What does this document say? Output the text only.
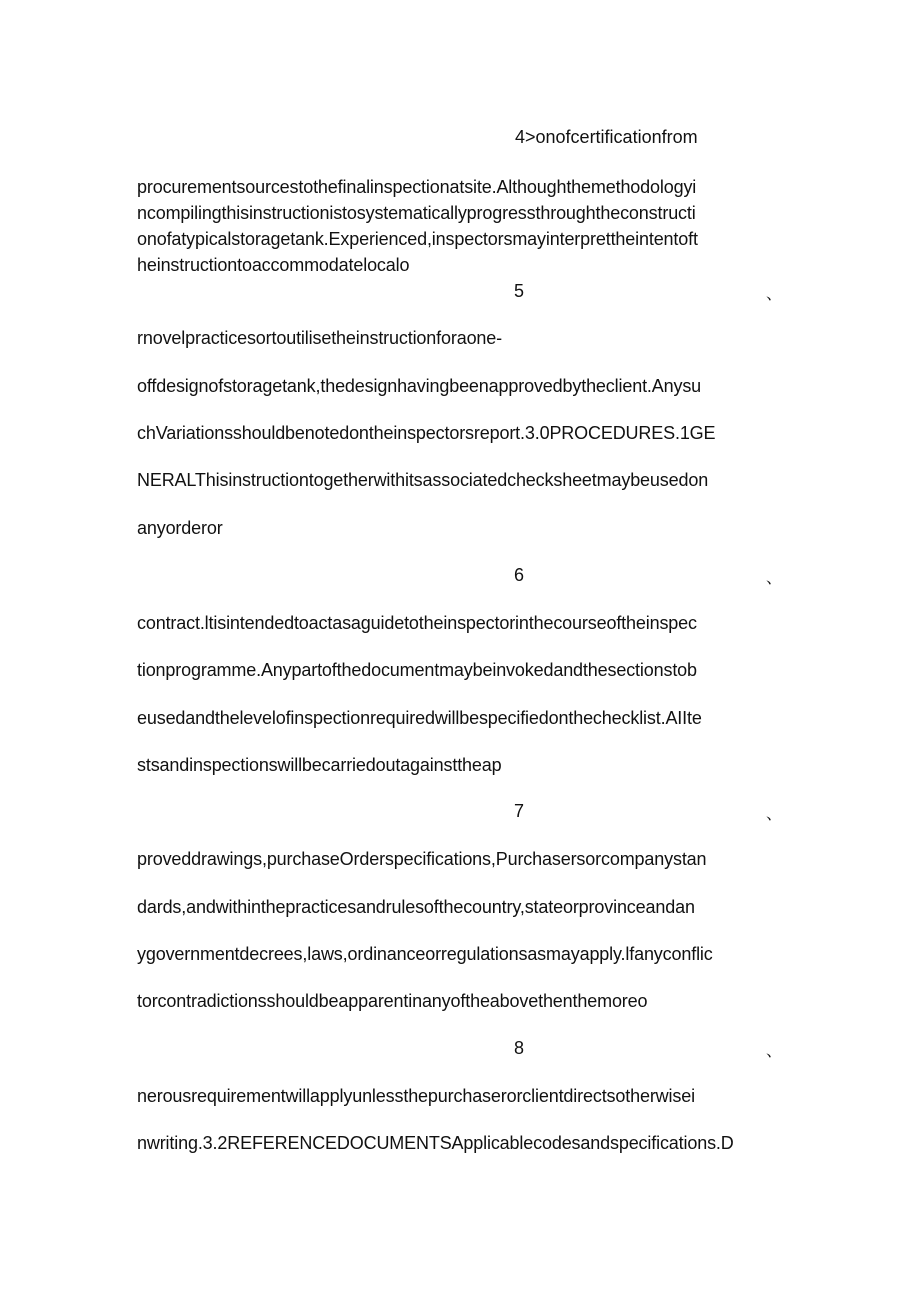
4>onofcertificationfrom
procurementsourcestothefinalinspectionatsite.Althoughthemethodologyi
ncompilingthisinstructionistosystematicallyprogressthroughtheconstructi
onofatypicalstoragetank.Experienced,inspectorsmayinterprettheintentoft
heinstructiontoaccommodatelocalo
5	、
rnovelpracticesortoutilisetheinstructionforaone-
offdesignofstoragetank,thedesignhavingbeenapprovedbytheclient.Anysu
chVariationsshouldbenotedontheinspectorsreport.3.0PROCEDURES.1GE
NERALThisinstructiontogetherwithitsassociatedchecksheetmaybeusedon
anyorderor
6	、
contract.ltisintendedtoactasaguidetotheinspectorinthecourseoftheinspec
tionprogramme.Anypartofthedocumentmaybeinvokedandthesectionstob
eusedandthelevelofinspectionrequiredwillbespecifiedonthechecklist.AIIte
stsandinspectionswillbecarriedoutagainsttheap
7	、
proveddrawings,purchaseOrderspecifications,Purchasersorcompanystan
dards,andwithinthepracticesandrulesofthecountry,stateorprovinceandan
ygovernmentdecrees,laws,ordinanceorregulationsasmayapply.lfanyconflic
torcontradictionsshouldbeapparentinanyoftheabovethenthemoreo
8	、
nerousrequirementwillapplyunlessthepurchaserorclientdirectsotherwisei
nwriting.3.2REFERENCEDOCUMENTSApplicablecodesandspecifications.D
